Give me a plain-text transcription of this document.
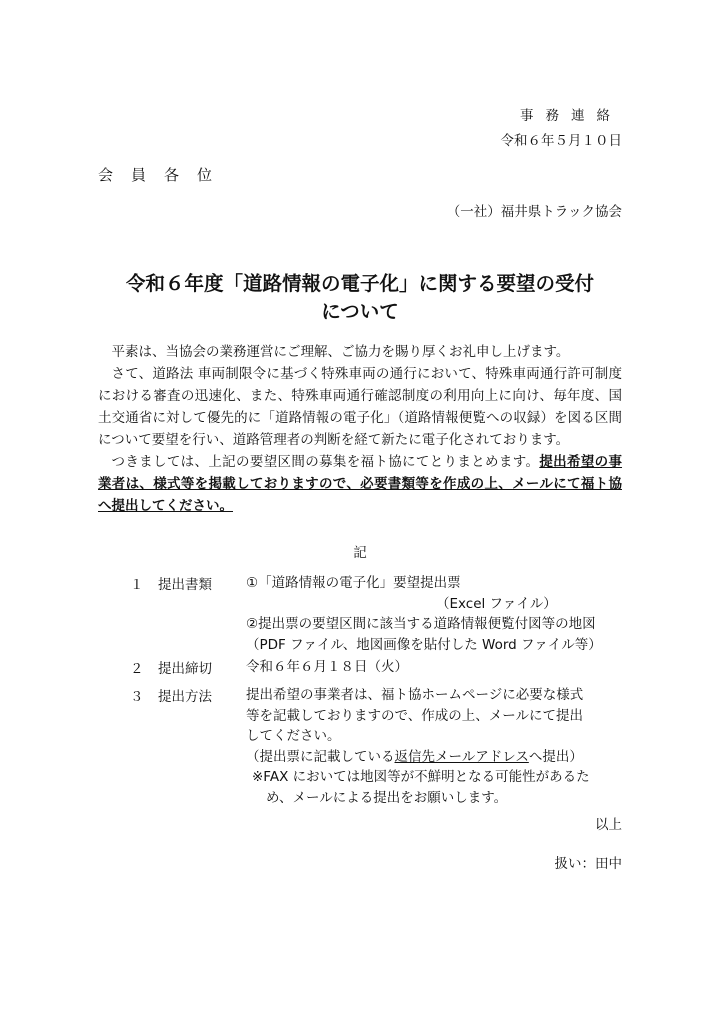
事務連絡
令和６年５月１０日
会員各位
（一社）福井県トラック協会
令和６年度「道路情報の電子化」に関する要望の受付
について

平素は、当協会の業務運営にご理解、ご協力を賜り厚くお礼申し上げます。

さて、道路法 車両制限令に基づく特殊車両の通行において、特殊車両通行許可制度における審査の迅速化、また、特殊車両通行確認制度の利用向上に向け、毎年度、国土交通省に対して優先的に「道路情報の電子化」（道路情報便覧への収録）を図る区間について要望を行い、道路管理者の判断を経て新たに電子化されております。

つきましては、上記の要望区間の募集を福ト協にてとりまとめます。提出希望の事業者は、様式等を掲載しておりますので、必要書類等を作成の上、メールにて福ト協へ提出してください。

記
１ 提出書類	①「道路情報の電子化」要望提出票
（Excel ファイル）
②提出票の要望区間に該当する道路情報便覧付図等の地図
（PDF ファイル、地図画像を貼付した Word ファイル等）
２ 提出締切	令和６年６月１８日（火）
３ 提出方法	提出希望の事業者は、福ト協ホームページに必要な様式
等を記載しておりますので、作成の上、メールにて提出
してください。
（提出票に記載している返信先メールアドレスへ提出）
※FAX においては地図等が不鮮明となる可能性があるた
め、メールによる提出をお願いします。
以上
扱い：田中
